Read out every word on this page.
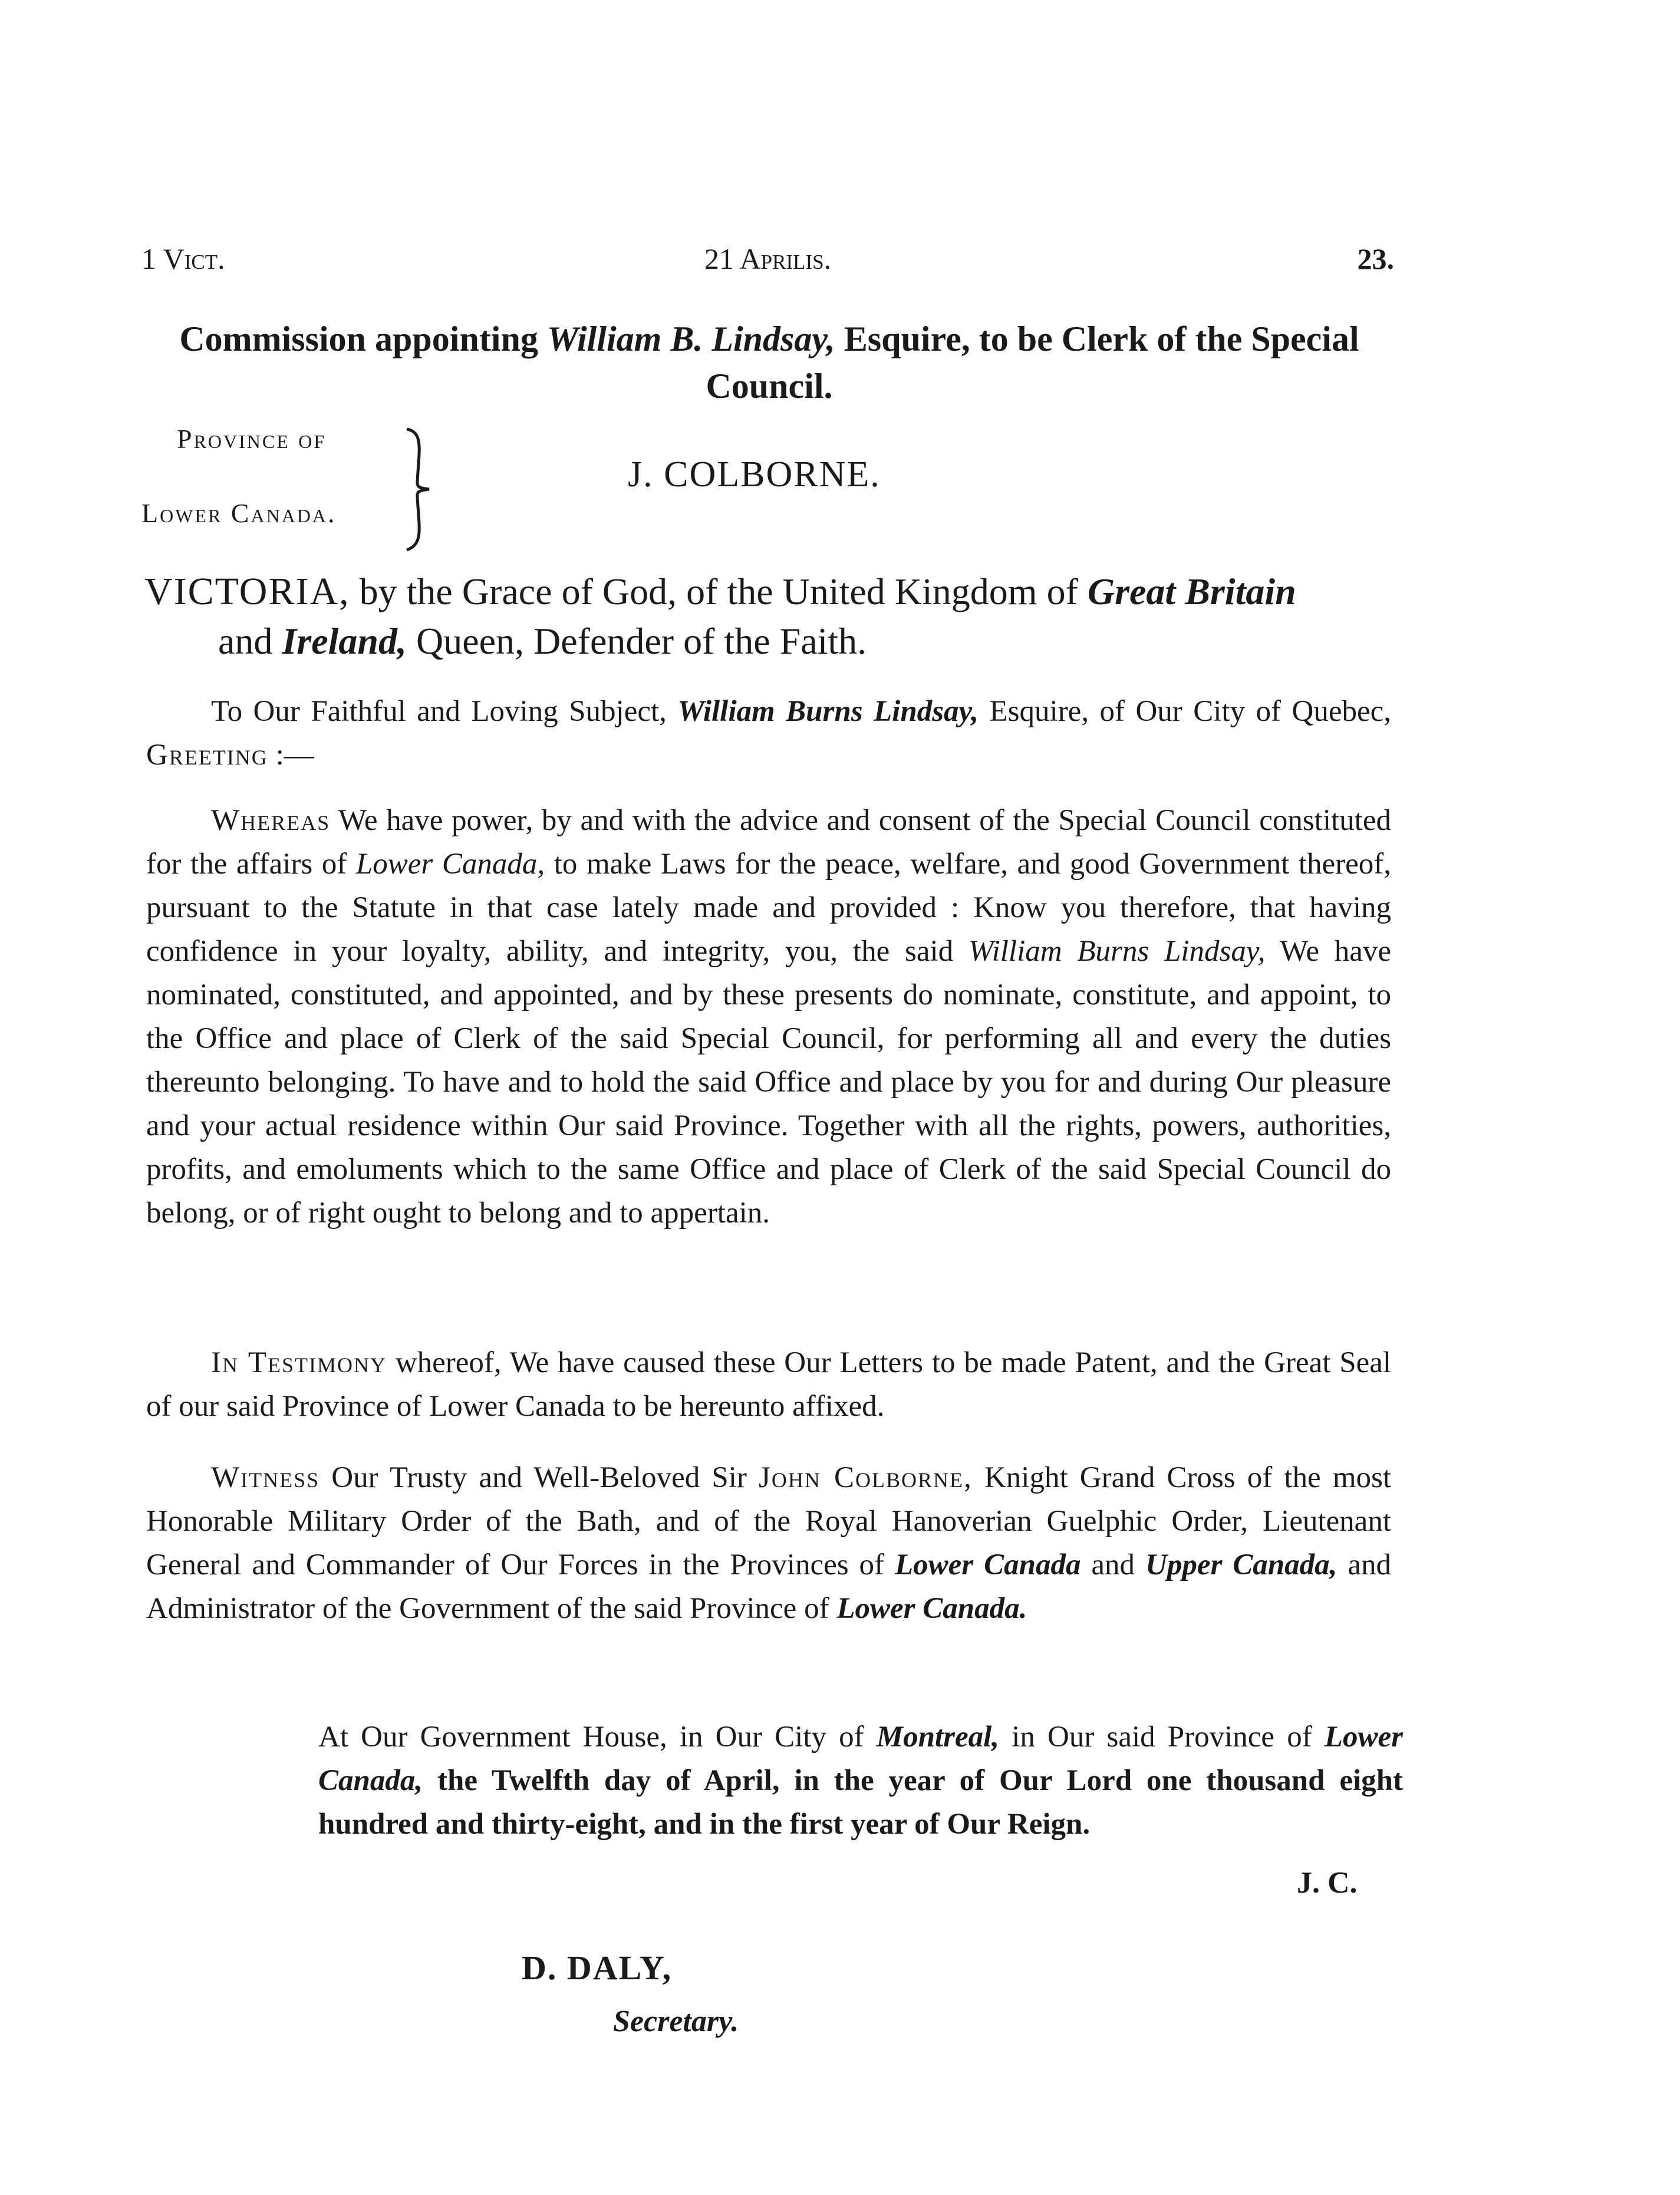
1 Vict.	21 Aprilis.	23.
Commission appointing William B. Lindsay, Esquire, to be Clerk of the Special Council.
Province of
Lower Canada.
J. COLBORNE.
VICTORIA, by the Grace of God, of the United Kingdom of Great Britain
and Ireland, Queen, Defender of the Faith.
To Our Faithful and Loving Subject, William Burns Lindsay, Esquire, of Our City of Quebec, Greeting :—
Whereas We have power, by and with the advice and consent of the Special Council constituted for the affairs of Lower Canada, to make Laws for the peace, welfare, and good Government thereof, pursuant to the Statute in that case lately made and provided : Know you therefore, that having confidence in your loyalty, ability, and integrity, you, the said William Burns Lindsay, We have nominated, constituted, and appointed, and by these presents do nominate, constitute, and appoint, to the Office and place of Clerk of the said Special Council, for performing all and every the duties thereunto belonging. To have and to hold the said Office and place by you for and during Our pleasure and your actual residence within Our said Province. Together with all the rights, powers, authorities, profits, and emoluments which to the same Office and place of Clerk of the said Special Council do belong, or of right ought to belong and to appertain.
In Testimony whereof, We have caused these Our Letters to be made Patent, and the Great Seal of our said Province of Lower Canada to be hereunto affixed.
Witness Our Trusty and Well-Beloved Sir John Colborne, Knight Grand Cross of the most Honorable Military Order of the Bath, and of the Royal Hanoverian Guelphic Order, Lieutenant General and Commander of Our Forces in the Provinces of Lower Canada and Upper Canada, and Administrator of the Government of the said Province of Lower Canada.
At Our Government House, in Our City of Montreal, in Our said Province of Lower Canada, the Twelfth day of April, in the year of Our Lord one thousand eight hundred and thirty-eight, and in the first year of Our Reign.
J. C.
D. DALY,
Secretary.
